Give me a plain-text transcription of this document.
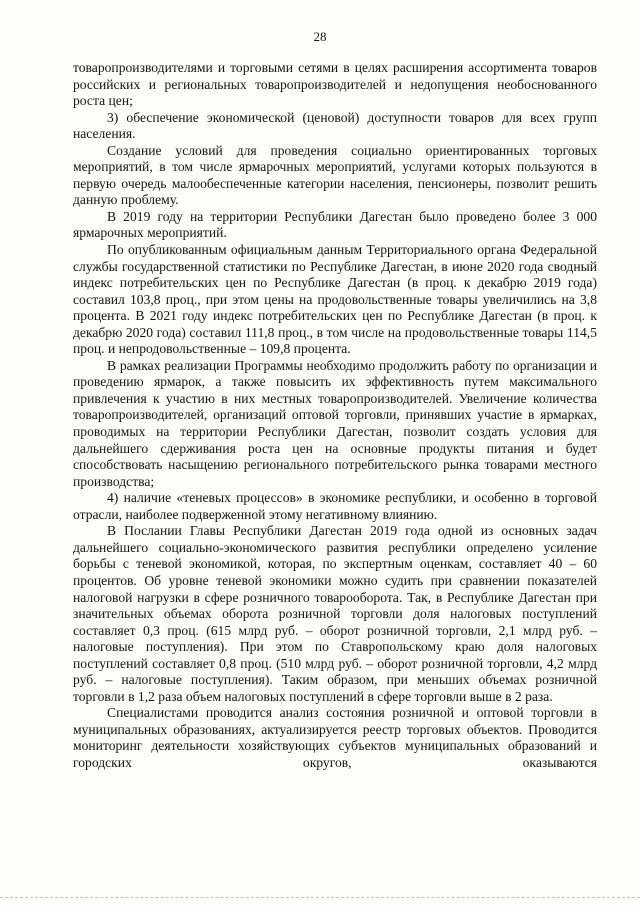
28

товаропроизводителями и торговыми сетями в целях расширения ассортимента товаров российских и региональных товаропроизводителей и недопущения необоснованного роста цен;

3) обеспечение экономической (ценовой) доступности товаров для всех групп населения.

Создание условий для проведения социально ориентированных торговых мероприятий, в том числе ярмарочных мероприятий, услугами которых пользуются в первую очередь малообеспеченные категории населения, пенсионеры, позволит решить данную проблему.

В 2019 году на территории Республики Дагестан было проведено более 3 000 ярмарочных мероприятий.

По опубликованным официальным данным Территориального органа Федеральной службы государственной статистики по Республике Дагестан, в июне 2020 года сводный индекс потребительских цен по Республике Дагестан (в проц. к декабрю 2019 года) составил 103,8 проц., при этом цены на продовольственные товары увеличились на 3,8 процента. В 2021 году индекс потребительских цен по Республике Дагестан (в проц. к декабрю 2020 года) составил 111,8 проц., в том числе на продовольственные товары 114,5 проц. и непродовольственные – 109,8 процента.

В рамках реализации Программы необходимо продолжить работу по организации и проведению ярмарок, а также повысить их эффективность путем максимального привлечения к участию в них местных товаропроизводителей. Увеличение количества товаропроизводителей, организаций оптовой торговли, принявших участие в ярмарках, проводимых на территории Республики Дагестан, позволит создать условия для дальнейшего сдерживания роста цен на основные продукты питания и будет способствовать насыщению регионального потребительского рынка товарами местного производства;

4) наличие «теневых процессов» в экономике республики, и особенно в торговой отрасли, наиболее подверженной этому негативному влиянию.

В Послании Главы Республики Дагестан 2019 года одной из основных задач дальнейшего социально-экономического развития республики определено усиление борьбы с теневой экономикой, которая, по экспертным оценкам, составляет 40 – 60 процентов. Об уровне теневой экономики можно судить при сравнении показателей налоговой нагрузки в сфере розничного товарооборота. Так, в Республике Дагестан при значительных объемах оборота розничной торговли доля налоговых поступлений составляет 0,3 проц. (615 млрд руб. – оборот розничной торговли, 2,1 млрд руб. – налоговые поступления). При этом по Ставропольскому краю доля налоговых поступлений составляет 0,8 проц. (510 млрд руб. – оборот розничной торговли, 4,2 млрд руб. – налоговые поступления). Таким образом, при меньших объемах розничной торговли в 1,2 раза объем налоговых поступлений в сфере торговли выше в 2 раза.

Специалистами проводится анализ состояния розничной и оптовой торговли в муниципальных образованиях, актуализируется реестр торговых объектов. Проводится мониторинг деятельности хозяйствующих субъектов муниципальных образований и городских округов, оказываются
